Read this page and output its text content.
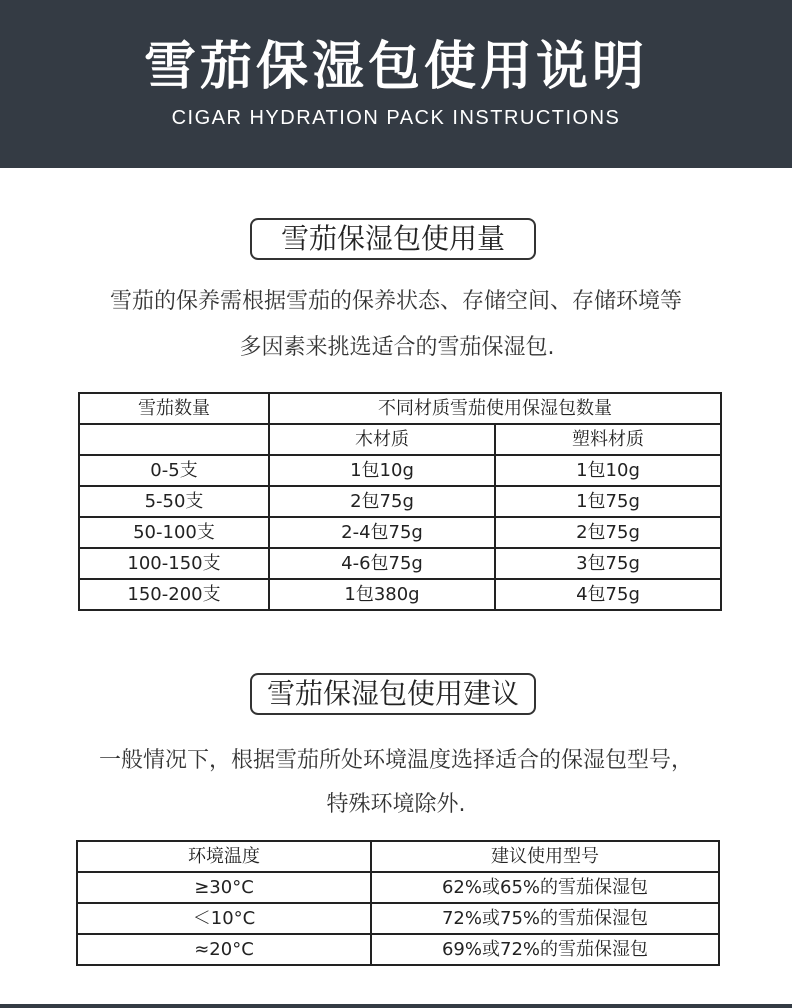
雪茄保湿包使用说明
CIGAR HYDRATION PACK INSTRUCTIONS
雪茄保湿包使用量
雪茄的保养需根据雪茄的保养状态、存储空间、存储环境等
多因素来挑选适合的雪茄保湿包.
雪茄数量	不同材质雪茄使用保湿包数量	
	木材质	塑料材质
0-5支	1包10g	1包10g
5-50支	2包75g	1包75g
50-100支	2-4包75g	2包75g
100-150支	4-6包75g	3包75g
150-200支	1包380g	4包75g
雪茄保湿包使用建议
一般情况下，根据雪茄所处环境温度选择适合的保湿包型号，
特殊环境除外.
环境温度	建议使用型号
≥30°C	62%或65%的雪茄保湿包
＜10°C	72%或75%的雪茄保湿包
≈20°C	69%或72%的雪茄保湿包
